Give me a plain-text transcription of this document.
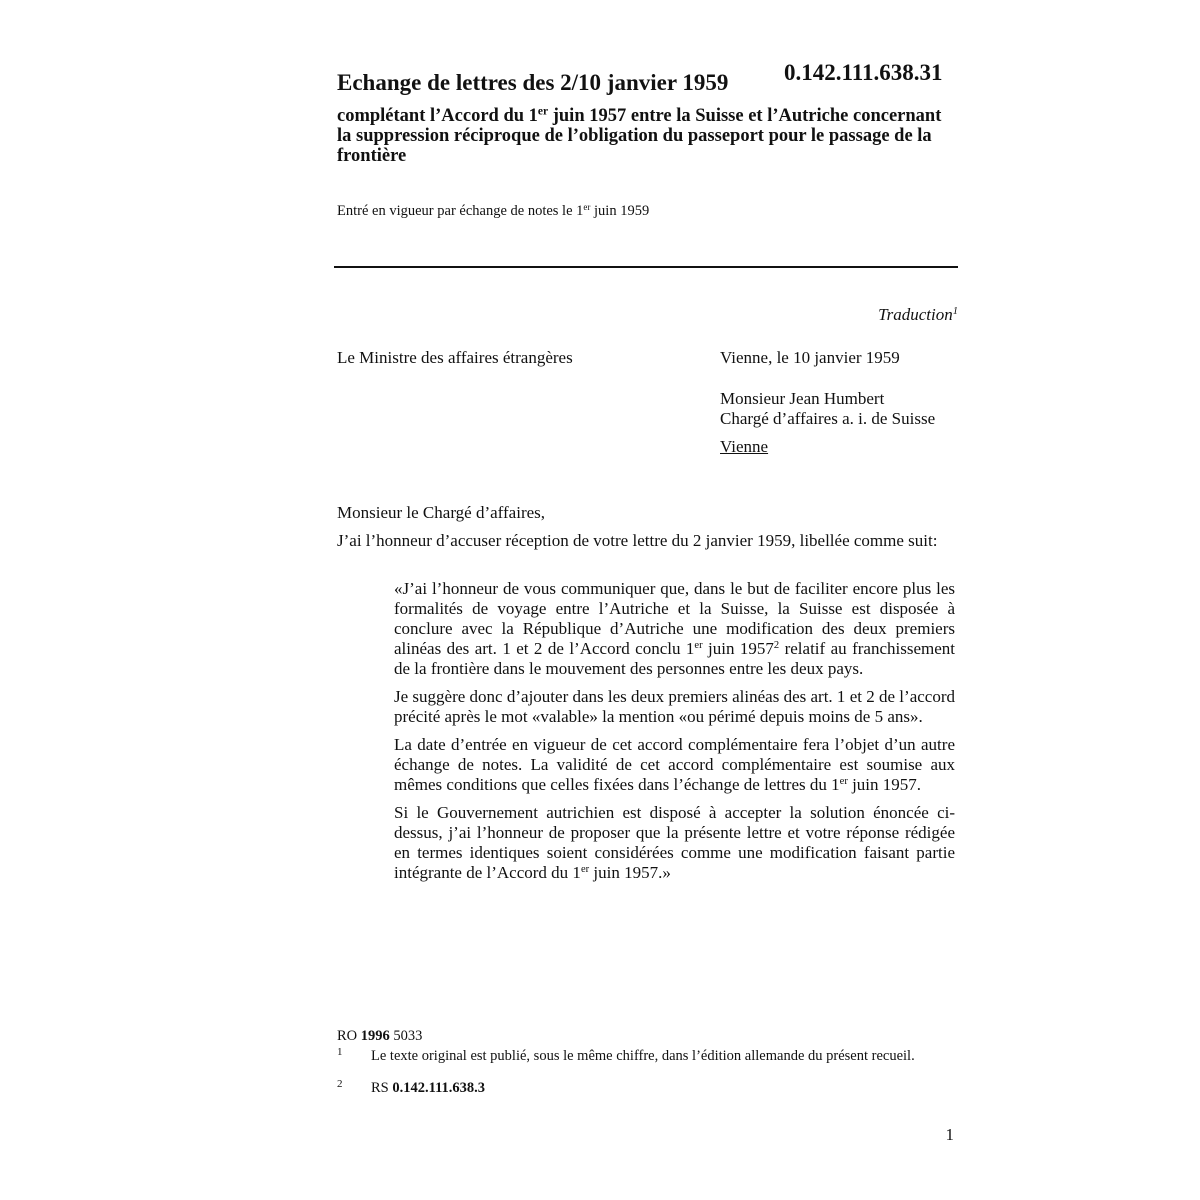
Echange de lettres des 2/10 janvier 1959 0.142.111.638.31
complétant l’Accord du 1er juin 1957 entre la Suisse et l’Autriche concernant la suppression réciproque de l’obligation du passeport pour le passage de la frontière
Entré en vigueur par échange de notes le 1er juin 1959
Traduction$^1$
Le Ministre des affaires étrangères	Vienne, le 10 janvier 1959
Monsieur Jean Humbert
Chargé d’affaires a. i. de Suisse
Vienne
Monsieur le Chargé d’affaires,
J’ai l’honneur d’accuser réception de votre lettre du 2 janvier 1959, libellée comme suit:

«J’ai l’honneur de vous communiquer que, dans le but de faciliter encore plus les formalités de voyage entre l’Autriche et la Suisse, la Suisse est disposée à conclure avec la République d’Autriche une modification des deux premiers alinéas des art. 1 et 2 de l’Accord conclu 1er juin 1957$^2$ relatif au franchissement de la frontière dans le mouvement des personnes entre les deux pays.

Je suggère donc d’ajouter dans les deux premiers alinéas des art. 1 et 2 de l’accord précité après le mot «valable» la mention «ou périmé depuis moins de 5 ans».

La date d’entrée en vigueur de cet accord complémentaire fera l’objet d’un autre échange de notes. La validité de cet accord complémentaire est soumise aux mêmes conditions que celles fixées dans l’échange de lettres du 1er juin 1957.

Si le Gouvernement autrichien est disposé à accepter la solution énoncée ci-dessus, j’ai l’honneur de proposer que la présente lettre et votre réponse rédigée en termes identiques soient considérées comme une modification faisant partie intégrante de l’Accord du 1er juin 1957.»

RO 1996 5033
1 Le texte original est publié, sous le même chiffre, dans l’édition allemande du présent recueil.
2 RS 0.142.111.638.3
1
